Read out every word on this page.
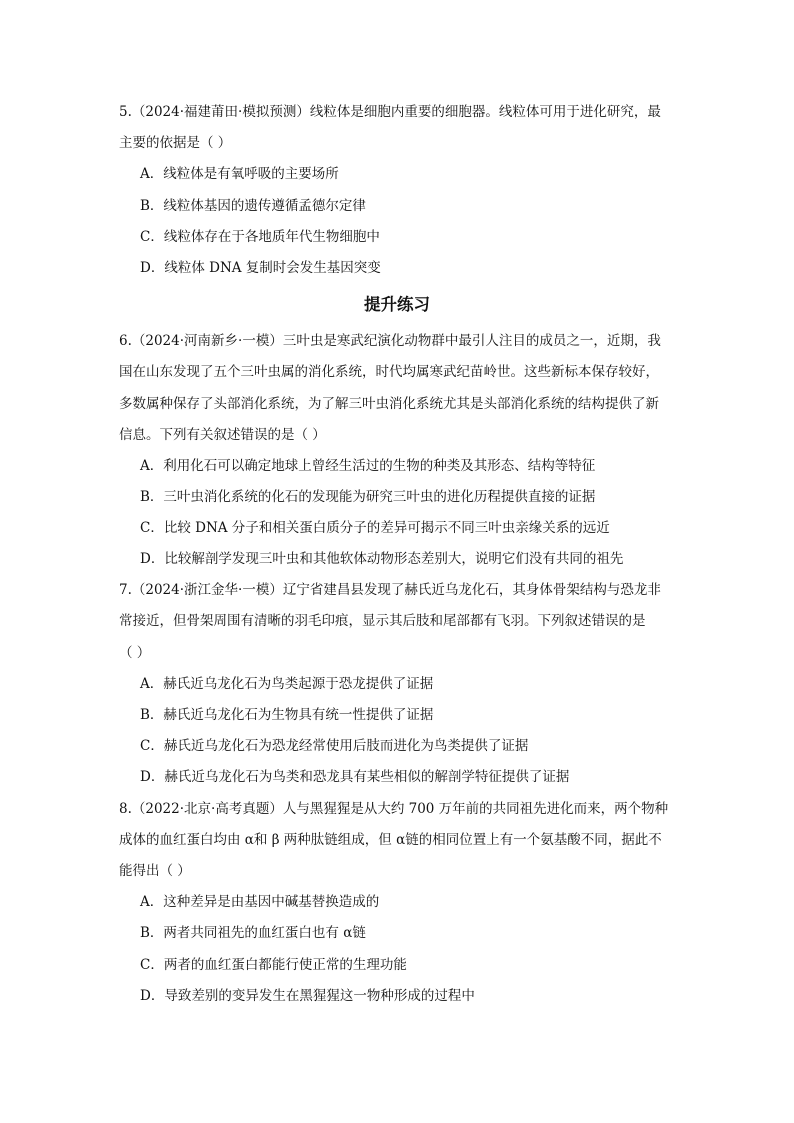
5.（2024·福建莆田·模拟预测）线粒体是细胞内重要的细胞器。线粒体可用于进化研究，最
主要的依据是（ ）
A．线粒体是有氧呼吸的主要场所
B．线粒体基因的遗传遵循孟德尔定律
C．线粒体存在于各地质年代生物细胞中
D．线粒体 DNA 复制时会发生基因突变
提升练习
6.（2024·河南新乡·一模）三叶虫是寒武纪演化动物群中最引人注目的成员之一，近期，我
国在山东发现了五个三叶虫属的消化系统，时代均属寒武纪苗岭世。这些新标本保存较好，
多数属种保存了头部消化系统，为了解三叶虫消化系统尤其是头部消化系统的结构提供了新
信息。下列有关叙述错误的是（ ）
A．利用化石可以确定地球上曾经生活过的生物的种类及其形态、结构等特征
B．三叶虫消化系统的化石的发现能为研究三叶虫的进化历程提供直接的证据
C．比较 DNA 分子和相关蛋白质分子的差异可揭示不同三叶虫亲缘关系的远近
D．比较解剖学发现三叶虫和其他软体动物形态差别大，说明它们没有共同的祖先
7.（2024·浙江金华·一模）辽宁省建昌县发现了赫氏近乌龙化石，其身体骨架结构与恐龙非
常接近，但骨架周围有清晰的羽毛印痕，显示其后肢和尾部都有飞羽。下列叙述错误的是
（ ）
A．赫氏近乌龙化石为鸟类起源于恐龙提供了证据
B．赫氏近乌龙化石为生物具有统一性提供了证据
C．赫氏近乌龙化石为恐龙经常使用后肢而进化为鸟类提供了证据
D．赫氏近乌龙化石为鸟类和恐龙具有某些相似的解剖学特征提供了证据
8.（2022·北京·高考真题）人与黑猩猩是从大约 700 万年前的共同祖先进化而来，两个物种
成体的血红蛋白均由 α和 β 两种肽链组成，但 α链的相同位置上有一个氨基酸不同，据此不
能得出（ ）
A．这种差异是由基因中碱基替换造成的
B．两者共同祖先的血红蛋白也有 α链
C．两者的血红蛋白都能行使正常的生理功能
D．导致差别的变异发生在黑猩猩这一物种形成的过程中
